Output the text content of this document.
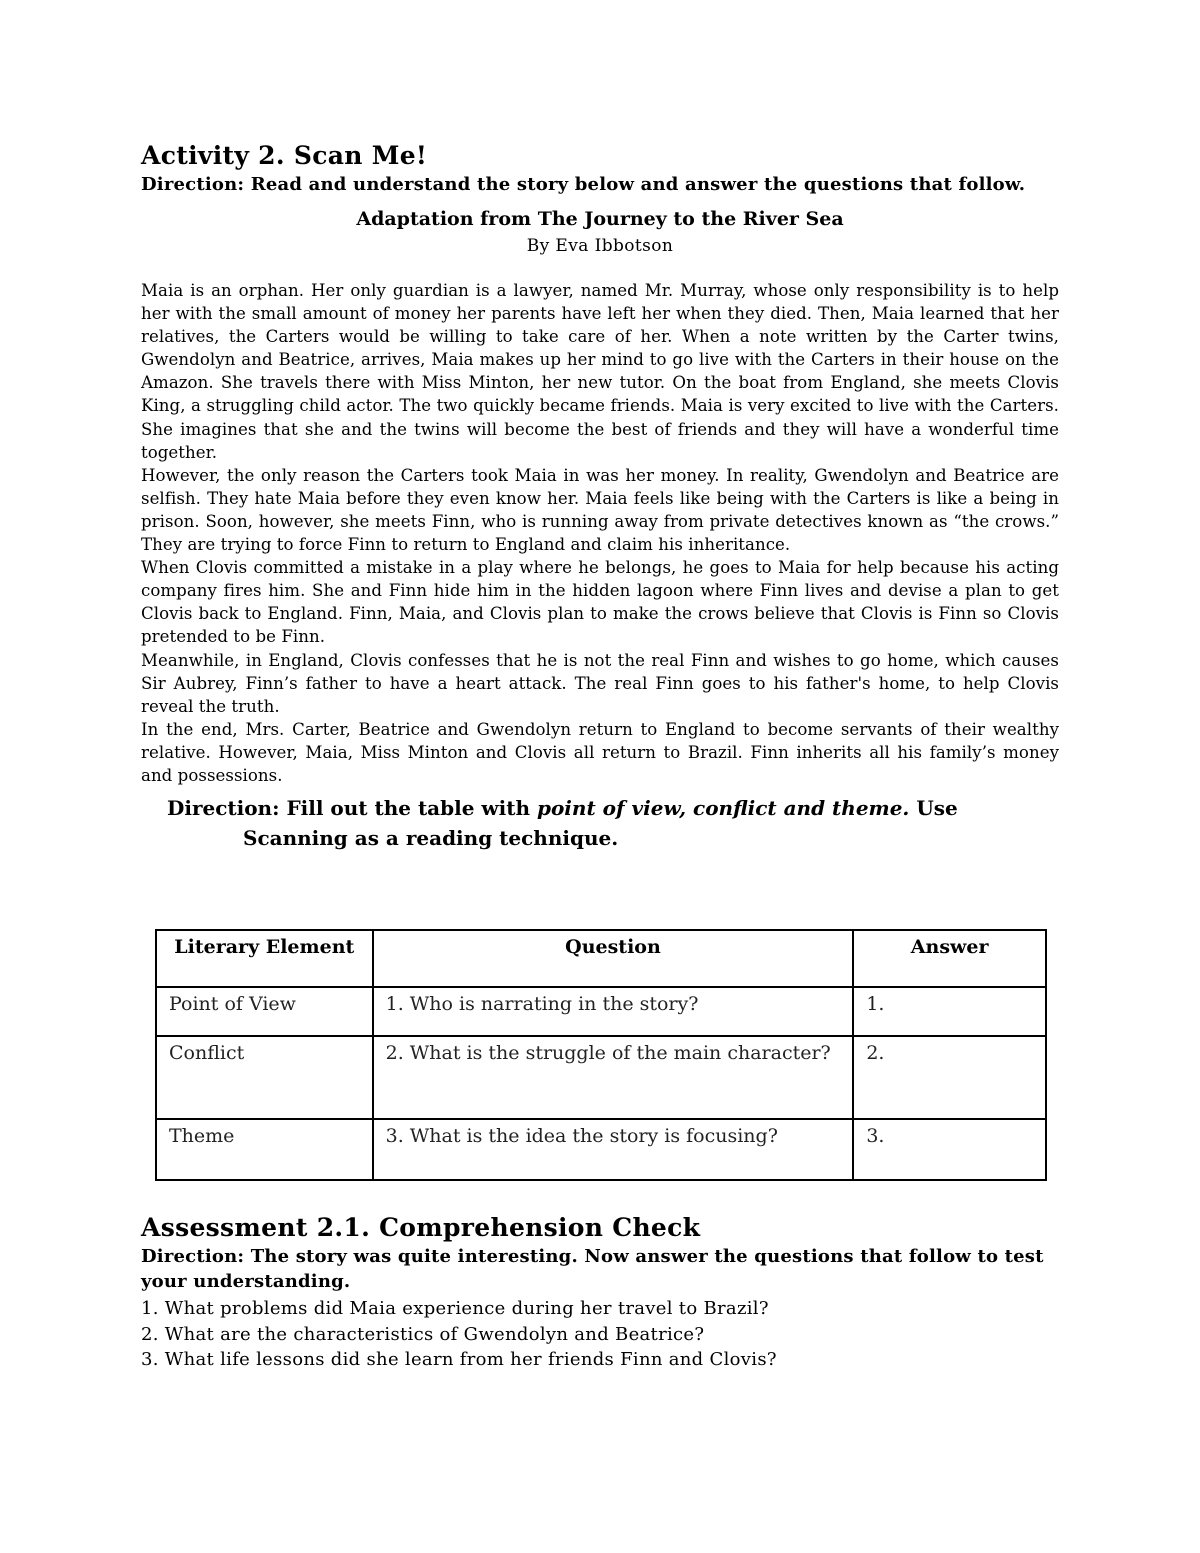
Activity 2. Scan Me!

Direction: Read and understand the story below and answer the questions that follow.

Adaptation from The Journey to the River Sea

By Eva Ibbotson

Maia is an orphan. Her only guardian is a lawyer, named Mr. Murray, whose only responsibility is to help her with the small amount of money her parents have left her when they died. Then, Maia learned that her relatives, the Carters would be willing to take care of her. When a note written by the Carter twins, Gwendolyn and Beatrice, arrives, Maia makes up her mind to go live with the Carters in their house on the Amazon. She travels there with Miss Minton, her new tutor. On the boat from England, she meets Clovis King, a struggling child actor. The two quickly became friends. Maia is very excited to live with the Carters. She imagines that she and the twins will become the best of friends and they will have a wonderful time together.

However, the only reason the Carters took Maia in was her money. In reality, Gwendolyn and Beatrice are selfish. They hate Maia before they even know her. Maia feels like being with the Carters is like a being in prison. Soon, however, she meets Finn, who is running away from private detectives known as “the crows.” They are trying to force Finn to return to England and claim his inheritance.

When Clovis committed a mistake in a play where he belongs, he goes to Maia for help because his acting company fires him. She and Finn hide him in the hidden lagoon where Finn lives and devise a plan to get Clovis back to England. Finn, Maia, and Clovis plan to make the crows believe that Clovis is Finn so Clovis pretended to be Finn.

Meanwhile, in England, Clovis confesses that he is not the real Finn and wishes to go home, which causes Sir Aubrey, Finn’s father to have a heart attack. The real Finn goes to his father's home, to help Clovis reveal the truth.

In the end, Mrs. Carter, Beatrice and Gwendolyn return to England to become servants of their wealthy relative. However, Maia, Miss Minton and Clovis all return to Brazil. Finn inherits all his family’s money and possessions.

Direction: Fill out the table with point of view, conflict and theme. Use
Scanning as a reading technique.

Literary Element	Question	Answer
Point of View	1. Who is narrating in the story?	1.
Conflict	2. What is the struggle of the main character?	2.
Theme	3. What is the idea the story is focusing?	3.
Assessment 2.1. Comprehension Check

Direction: The story was quite interesting. Now answer the questions that follow to test your understanding.

1. What problems did Maia experience during her travel to Brazil?
2. What are the characteristics of Gwendolyn and Beatrice?
3. What life lessons did she learn from her friends Finn and Clovis?
